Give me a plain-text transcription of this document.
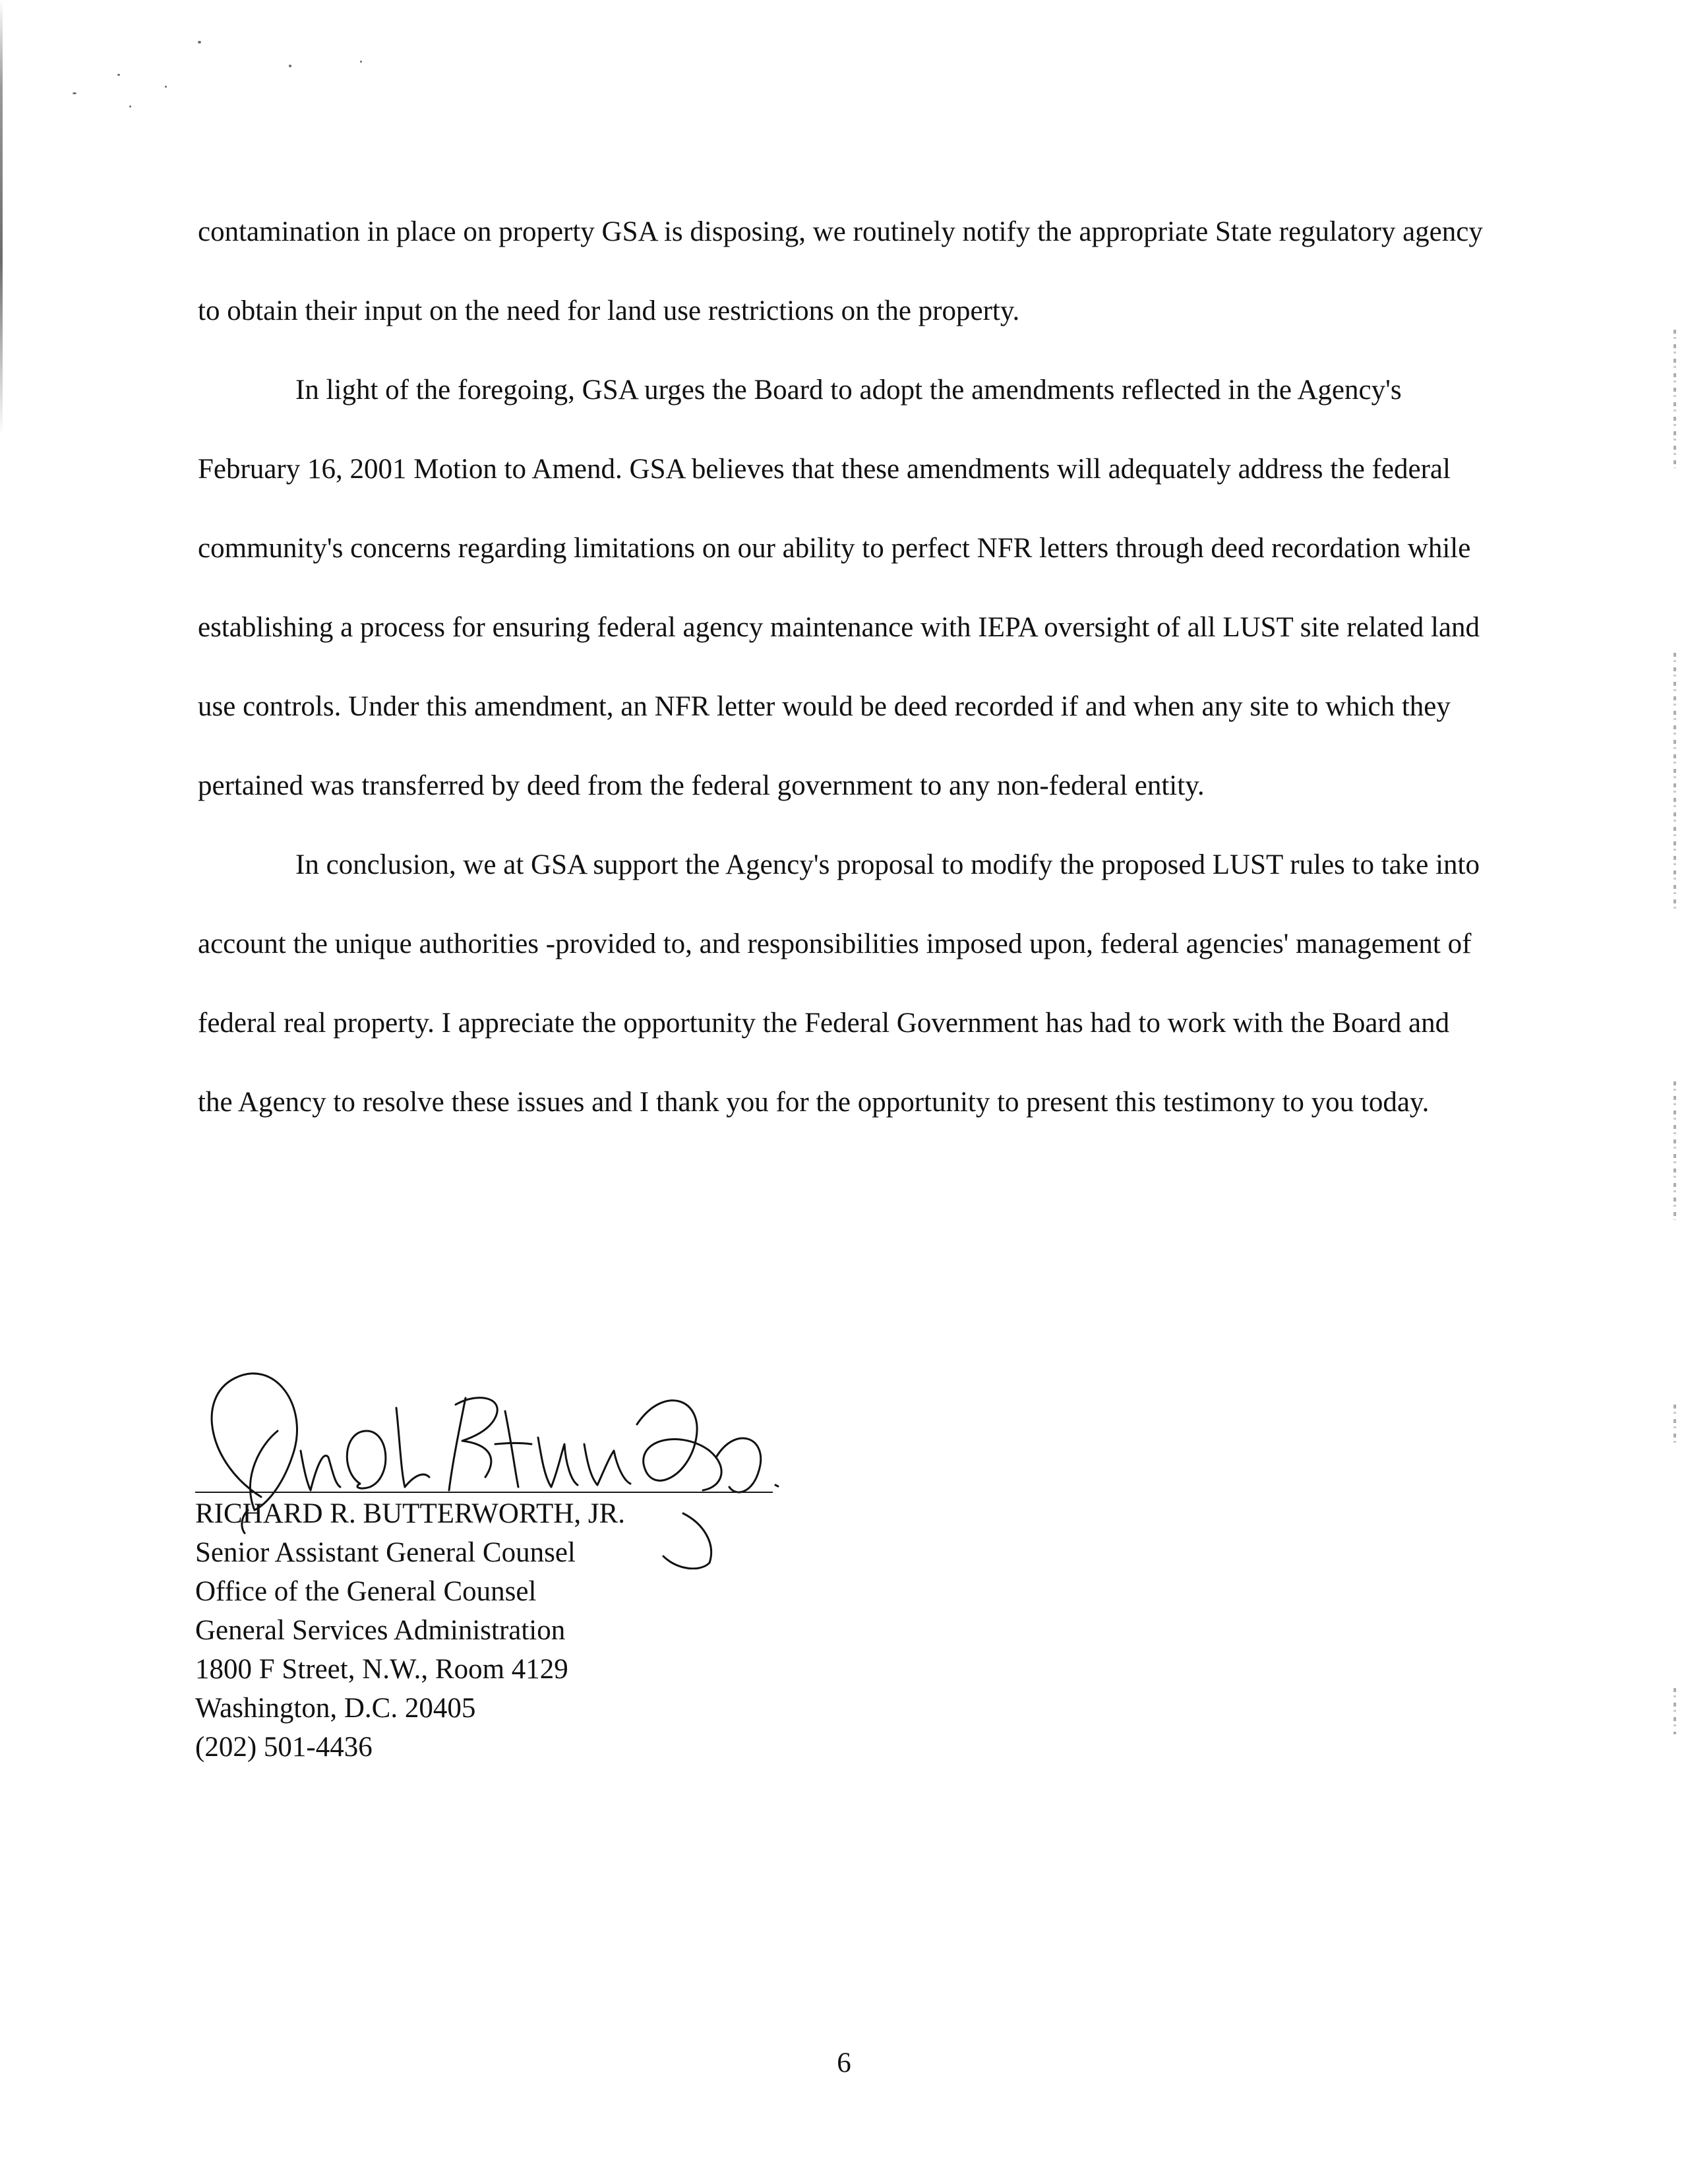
contamination in place on property GSA is disposing, we routinely notify the appropriate State regulatory agency to obtain their input on the need for land use restrictions on the property.

In light of the foregoing, GSA urges the Board to adopt the amendments reflected in the Agency's February 16, 2001 Motion to Amend. GSA believes that these amendments will adequately address the federal community's concerns regarding limitations on our ability to perfect NFR letters through deed recordation while establishing a process for ensuring federal agency maintenance with IEPA oversight of all LUST site related land use controls. Under this amendment, an NFR letter would be deed recorded if and when any site to which they pertained was transferred by deed from the federal government to any non-federal entity.

In conclusion, we at GSA support the Agency's proposal to modify the proposed LUST rules to take into account the unique authorities -provided to, and responsibilities imposed upon, federal agencies' management of federal real property. I appreciate the opportunity the Federal Government has had to work with the Board and the Agency to resolve these issues and I thank you for the opportunity to present this testimony to you today.

RICHARD R. BUTTERWORTH, JR.
Senior Assistant General Counsel
Office of the General Counsel
General Services Administration
1800 F Street, N.W., Room 4129
Washington, D.C. 20405
(202) 501-4436
6
